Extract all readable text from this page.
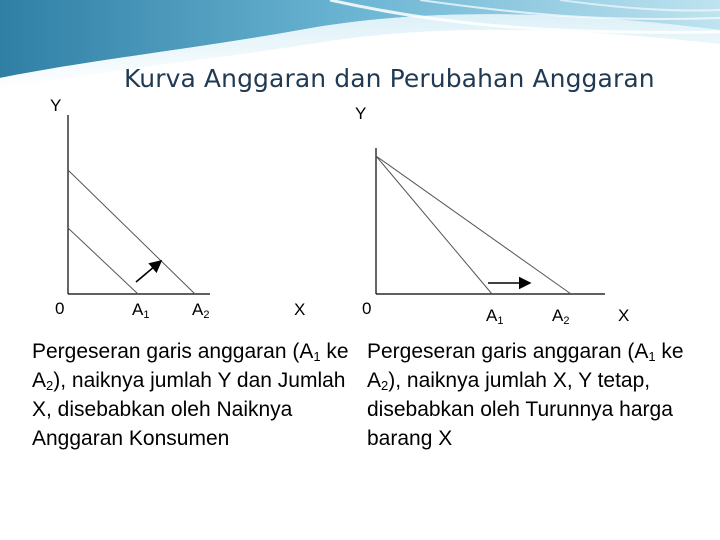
Kurva Anggaran dan Perubahan Anggaran
Y
0	$A_1$	$A_2$	X
Y
0	$A_1$	$A_2$	X
Pergeseran garis anggaran ($A_1$ ke $A_2$), naiknya jumlah Y dan Jumlah X, disebabkan oleh Naiknya Anggaran Konsumen
Pergeseran garis anggaran ($A_1$ ke $A_2$), naiknya jumlah X, Y tetap, disebabkan oleh Turunnya harga barang X
